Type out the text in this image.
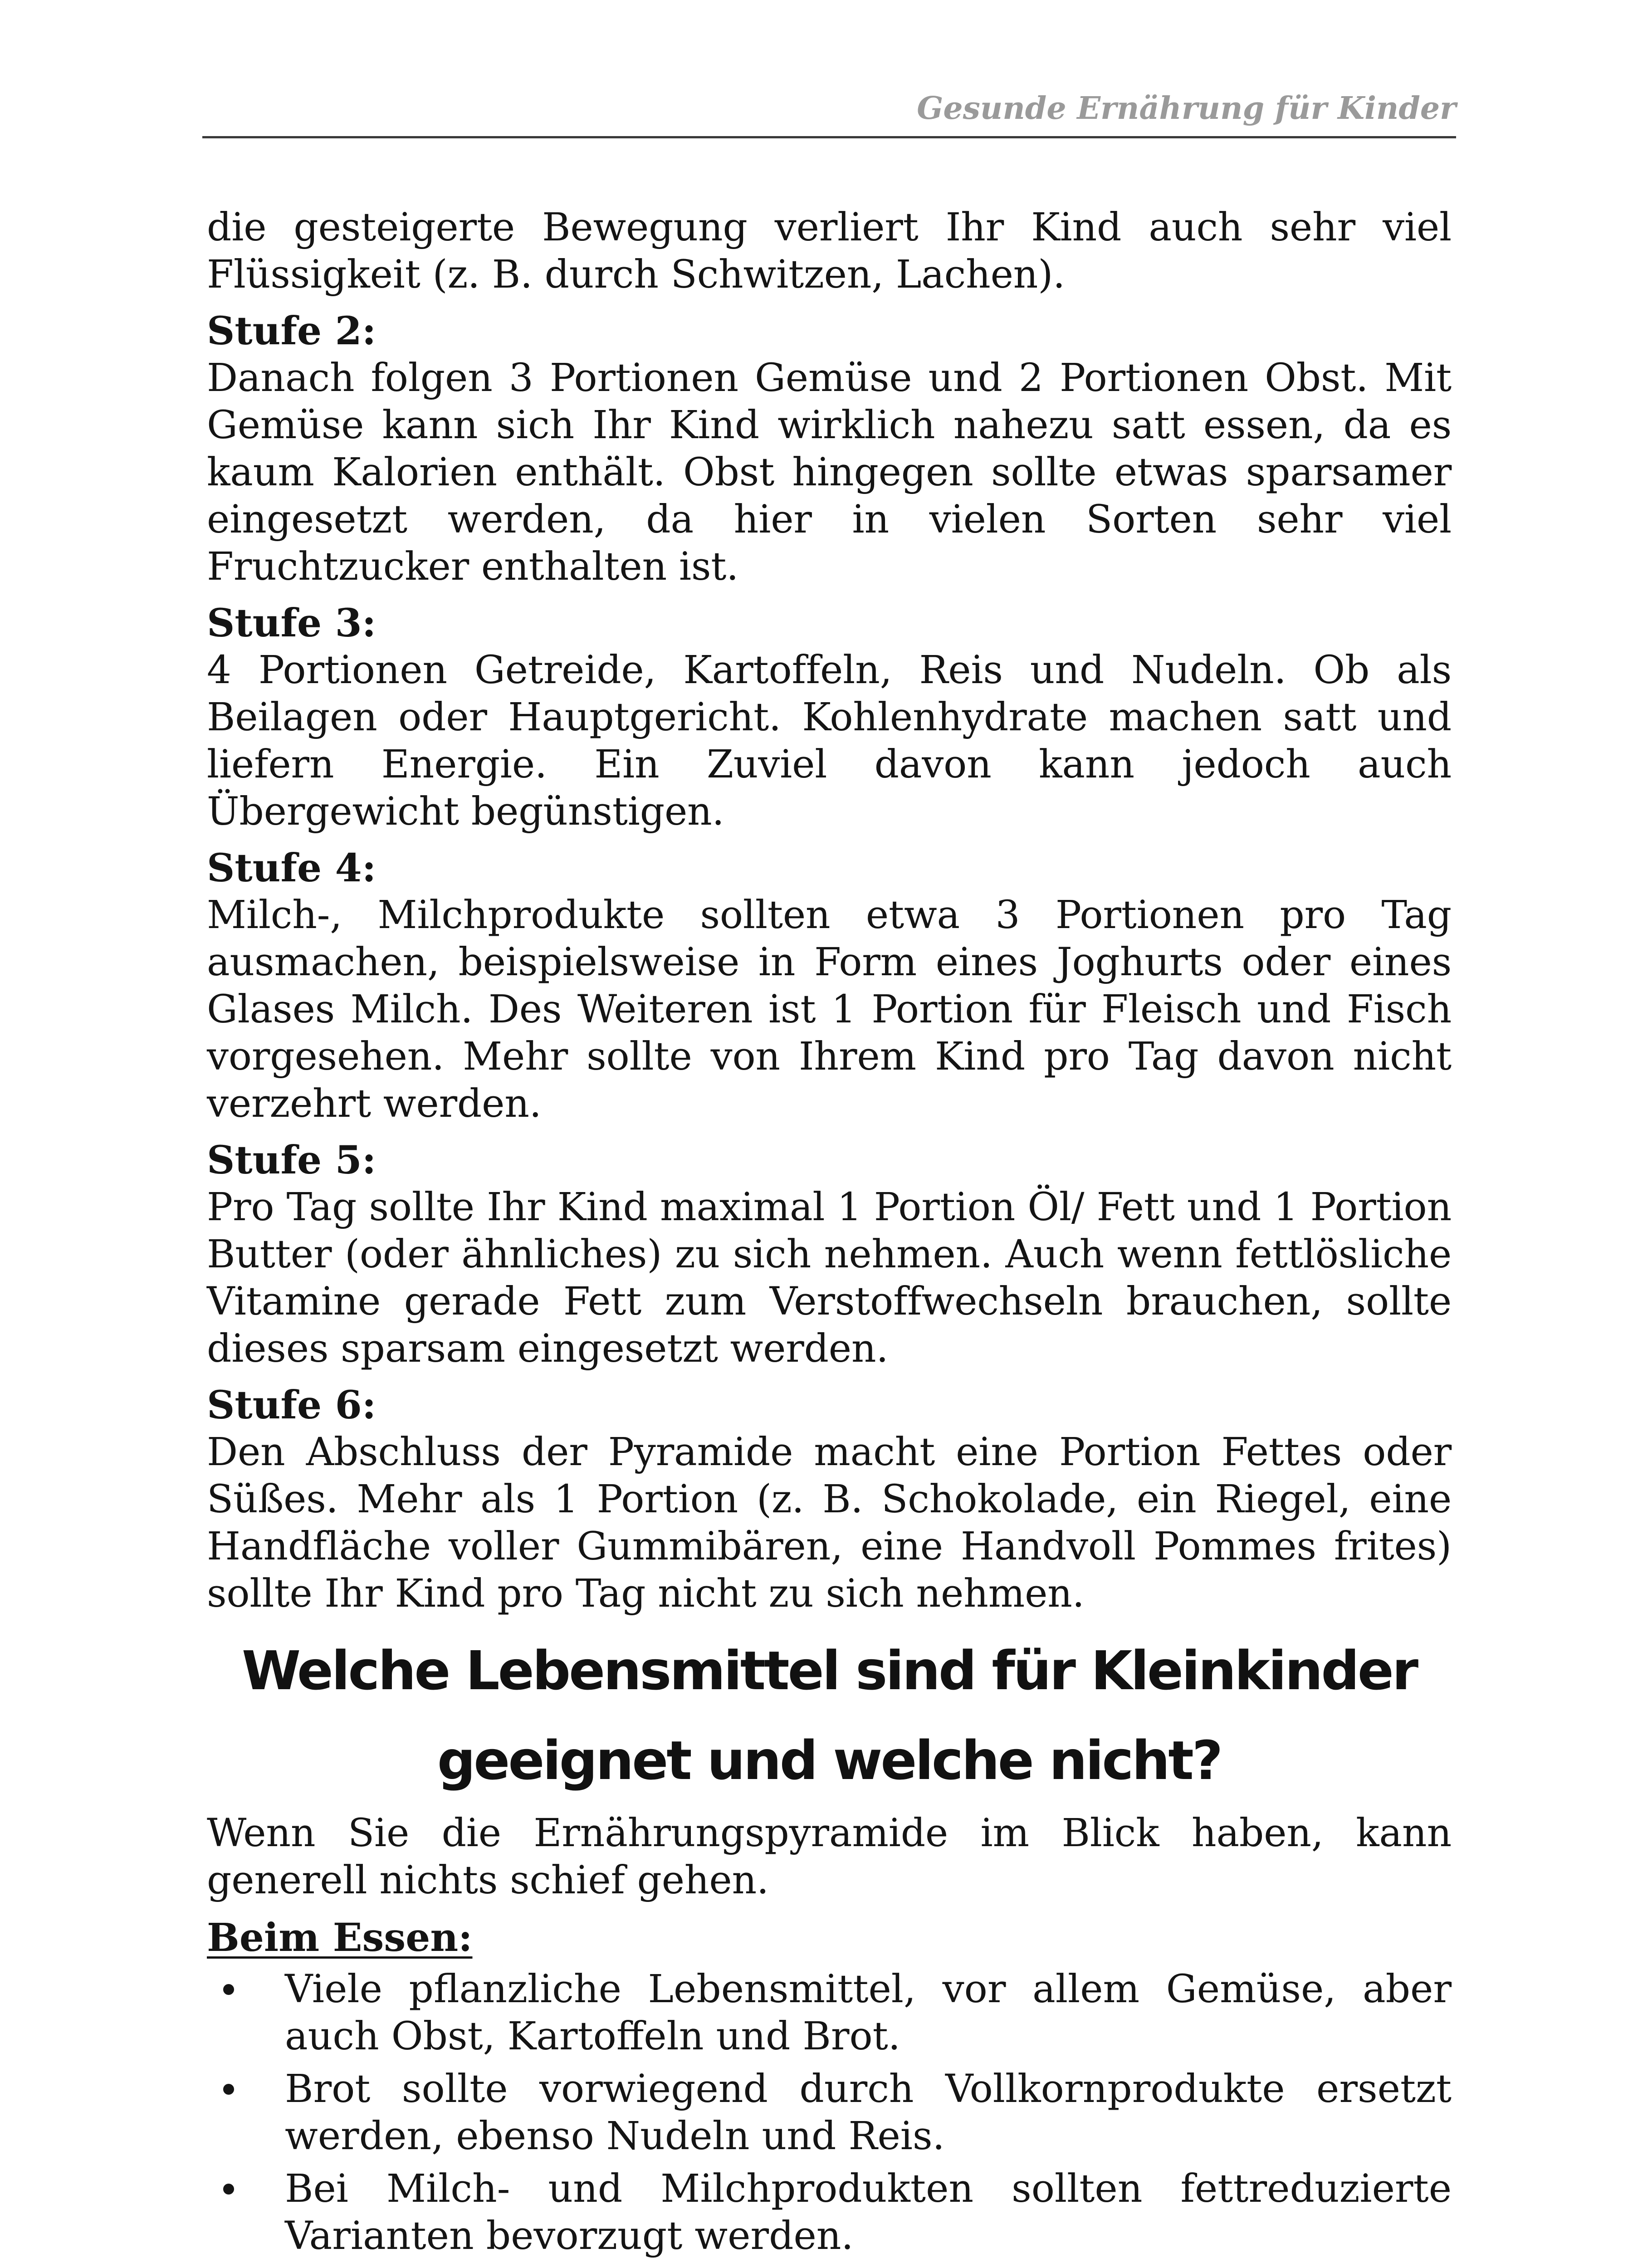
Gesunde Ernährung für Kinder

die gesteigerte Bewegung verliert Ihr Kind auch sehr viel Flüssigkeit (z. B. durch Schwitzen, Lachen).

Stufe 2:

Danach folgen 3 Portionen Gemüse und 2 Portionen Obst. Mit Gemüse kann sich Ihr Kind wirklich nahezu satt essen, da es kaum Kalorien enthält. Obst hingegen sollte etwas sparsamer eingesetzt werden, da hier in vielen Sorten sehr viel Fruchtzucker enthalten ist.

Stufe 3:

4 Portionen Getreide, Kartoffeln, Reis und Nudeln. Ob als Beilagen oder Hauptgericht. Kohlenhydrate machen satt und liefern Energie. Ein Zuviel davon kann jedoch auch Übergewicht begünstigen.

Stufe 4:

Milch-, Milchprodukte sollten etwa 3 Portionen pro Tag ausmachen, beispielsweise in Form eines Joghurts oder eines Glases Milch. Des Weiteren ist 1 Portion für Fleisch und Fisch vorgesehen. Mehr sollte von Ihrem Kind pro Tag davon nicht verzehrt werden.

Stufe 5:

Pro Tag sollte Ihr Kind maximal 1 Portion Öl/ Fett und 1 Portion Butter (oder ähnliches) zu sich nehmen. Auch wenn fettlösliche Vitamine gerade Fett zum Verstoffwechseln brauchen, sollte dieses sparsam eingesetzt werden.

Stufe 6:

Den Abschluss der Pyramide macht eine Portion Fettes oder Süßes. Mehr als 1 Portion (z. B. Schokolade, ein Riegel, eine Handfläche voller Gummibären, eine Handvoll Pommes frites) sollte Ihr Kind pro Tag nicht zu sich nehmen.

Welche Lebensmittel sind für Kleinkinder
geeignet und welche nicht?

Wenn Sie die Ernährungspyramide im Blick haben, kann generell nichts schief gehen.

Beim Essen:
Viele pflanzliche Lebensmittel, vor allem Gemüse, aber auch Obst, Kartoffeln und Brot.
Brot sollte vorwiegend durch Vollkornprodukte ersetzt werden, ebenso Nudeln und Reis.
Bei Milch- und Milchprodukten sollten fettreduzierte Varianten bevorzugt werden.
